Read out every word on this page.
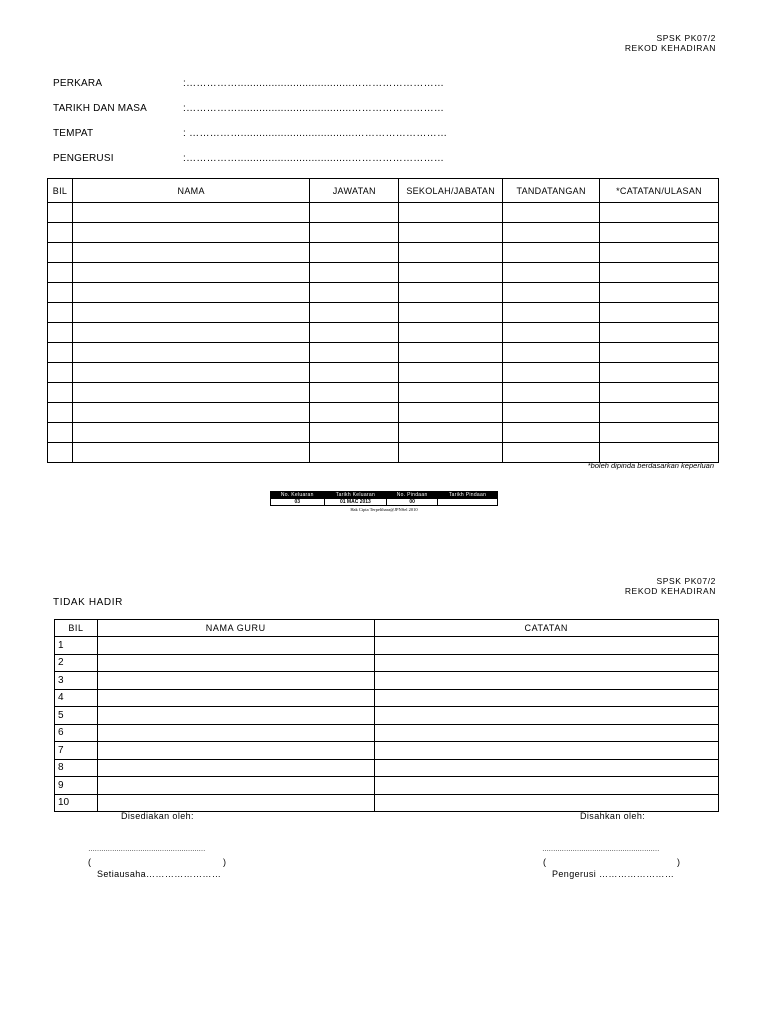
SPSK PK07/2
REKOD KEHADIRAN
PERKARA	:…………….....................................………………………
TARIKH DAN MASA	:…………….....................................………………………
TEMPAT	: …………….....................................………………………
PENGERUSI	:…………….....................................………………………
BIL	NAMA	JAWATAN	SEKOLAH/JABATAN	TANDATANGAN	*CATATAN/ULASAN

*boleh dipinda berdasarkan keperluan
No. Keluaran	Tarikh Keluaran	No. Pindaan	Tarikh Pindaan
03	01 MAC 2013	00	
Hak Cipta Terpelihara@JPNSel 2010
SPSK PK07/2
REKOD KEHADIRAN
TIDAK HADIR
BIL	NAMA GURU	CATATAN
1		
2		
3		
4		
5		
6		
7		
8		
9		
10		
Disediakan oleh:
………………………………………………
(	)
Setiausaha……………………
Disahkan oleh:
………………………………………………
(	)
Pengerusi ……………………
